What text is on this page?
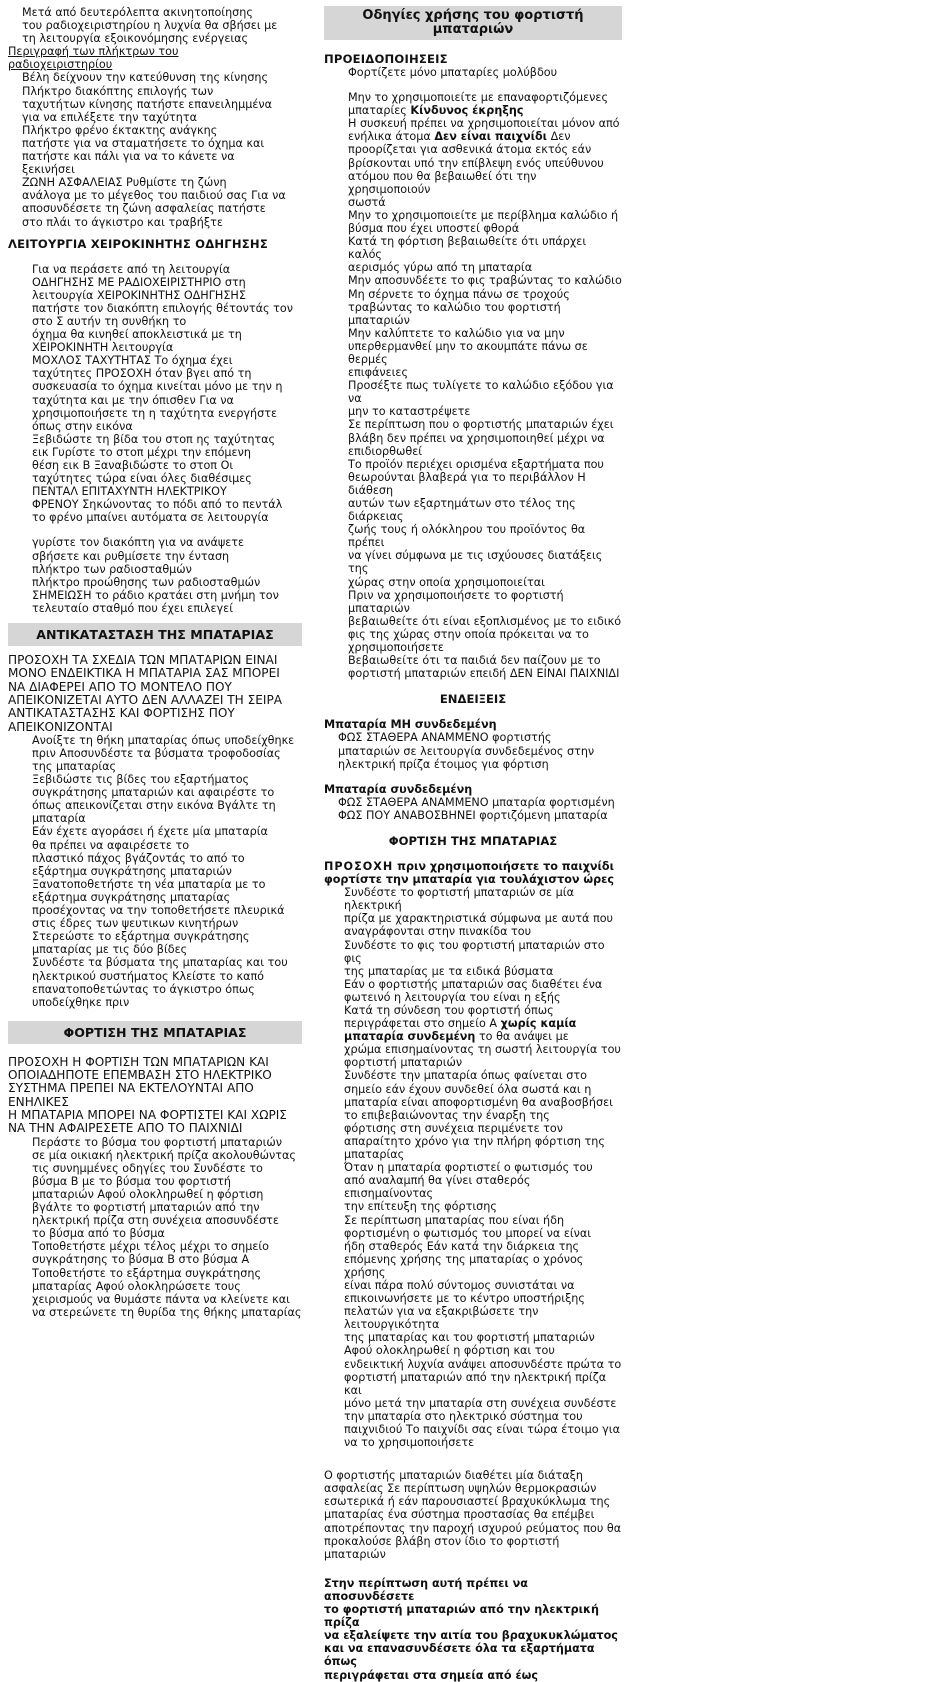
Μετά από δευτερόλεπτα ακινητοποίησης
του ραδιοχειριστηρίου η λυχνία θα σβήσει με
τη λειτουργία εξοικονόμησης ενέργειας

Περιγραφή των πλήκτρων του
ραδιοχειριστηρίου

Βέλη δείχνουν την κατεύθυνση της κίνησης
Πλήκτρο διακόπτης επιλογής των
ταχυτήτων κίνησης πατήστε επανειλημμένα
για να επιλέξετε την ταχύτητα
Πλήκτρο φρένο έκτακτης ανάγκης
πατήστε για να σταματήσετε το όχημα και
πατήστε και πάλι για να το κάνετε να
ξεκινήσει
ΖΩΝΗ ΑΣΦΑΛΕΙΑΣ Ρυθμίστε τη ζώνη
ανάλογα με το μέγεθος του παιδιού σας Για να
αποσυνδέσετε τη ζώνη ασφαλείας πατήστε
στο πλάι το άγκιστρο και τραβήξτε

ΛΕΙΤΟΥΡΓΙΑ ΧΕΙΡΟΚΙΝΗΤΗΣ ΟΔΗΓΗΣΗΣ

Για να περάσετε από τη λειτουργία
ΟΔΗΓΗΣΗΣ ΜΕ ΡΑΔΙΟΧΕΙΡΙΣΤΗΡΙΟ στη
λειτουργία ΧΕΙΡΟΚΙΝΗΤΗΣ ΟΔΗΓΗΣΗΣ
πατήστε τον διακόπτη επιλογής θέτοντάς τον
στο Σ αυτήν τη συνθήκη το
όχημα θα κινηθεί αποκλειστικά με τη
ΧΕΙΡΟΚΙΝΗΤΗ λειτουργία
ΜΟΧΛΟΣ ΤΑΧΥΤΗΤΑΣ Το όχημα έχει
ταχύτητες ΠΡΟΣΟΧΗ όταν βγει από τη
συσκευασία το όχημα κινείται μόνο με την η
ταχύτητα και με την όπισθεν Για να
χρησιμοποιήσετε τη η ταχύτητα ενεργήστε
όπως στην εικόνα
Ξεβιδώστε τη βίδα του στοπ ης ταχύτητας
εικ Γυρίστε το στοπ μέχρι την επόμενη
θέση εικ Β Ξαναβιδώστε το στοπ Οι
ταχύτητες τώρα είναι όλες διαθέσιμες
ΠΕΝΤΑΛ ΕΠΙΤΑΧΥΝΤΗ ΗΛΕΚΤΡΙΚΟΥ
ΦΡΕΝΟΥ Σηκώνοντας το πόδι από το πεντάλ
το φρένο μπαίνει αυτόματα σε λειτουργία

γυρίστε τον διακόπτη για να ανάψετε
σβήσετε και ρυθμίσετε την ένταση
πλήκτρο των ραδιοσταθμών
πλήκτρο προώθησης των ραδιοσταθμών
ΣΗΜΕΙΩΣΗ το ράδιο κρατάει στη μνήμη τον
τελευταίο σταθμό που έχει επιλεγεί

ΑΝΤΙΚΑΤΑΣΤΑΣΗ ΤΗΣ ΜΠΑΤΑΡΙΑΣ

ΠΡΟΣΟΧΗ ΤΑ ΣΧΕΔΙΑ ΤΩΝ ΜΠΑΤΑΡΙΩΝ ΕΙΝΑΙ
ΜΟΝΟ ΕΝΔΕΙΚΤΙΚΑ Η ΜΠΑΤΑΡΙΑ ΣΑΣ ΜΠΟΡΕΙ
ΝΑ ΔΙΑΦΕΡΕΙ ΑΠΟ ΤΟ ΜΟΝΤΕΛΟ ΠΟΥ
ΑΠΕΙΚΟΝΙΖΕΤΑΙ ΑΥΤΟ ΔΕΝ ΑΛΛΑΖΕΙ ΤΗ ΣΕΙΡΑ
ΑΝΤΙΚΑΤΑΣΤΑΣΗΣ ΚΑΙ ΦΟΡΤΙΣΗΣ ΠΟΥ
ΑΠΕΙΚΟΝΙΖΟΝΤΑΙ

Ανοίξτε τη θήκη μπαταρίας όπως υποδείχθηκε
πριν Αποσυνδέστε τα βύσματα τροφοδοσίας
της μπαταρίας
Ξεβιδώστε τις βίδες του εξαρτήματος
συγκράτησης μπαταριών και αφαιρέστε το
όπως απεικονίζεται στην εικόνα Βγάλτε τη
μπαταρία
Εάν έχετε αγοράσει ή έχετε μία μπαταρία
θα πρέπει να αφαιρέσετε το
πλαστικό πάχος βγάζοντάς το από το
εξάρτημα συγκράτησης μπαταριών
Ξανατοποθετήστε τη νέα μπαταρία με το
εξάρτημα συγκράτησης μπαταρίας
προσέχοντας να την τοποθετήσετε πλευρικά
στις έδρες των ψευτικων κινητήρων
Στερεώστε το εξάρτημα συγκράτησης
μπαταρίας με τις δύο βίδες
Συνδέστε τα βύσματα της μπαταρίας και του
ηλεκτρικού συστήματος Κλείστε το καπό
επανατοποθετώντας το άγκιστρο όπως
υποδείχθηκε πριν

ΦΟΡΤΙΣΗ ΤΗΣ ΜΠΑΤΑΡΙΑΣ

ΠΡΟΣΟΧΗ Η ΦΟΡΤΙΣΗ ΤΩΝ ΜΠΑΤΑΡΙΩΝ ΚΑΙ
ΟΠΟΙΑΔΗΠΟΤΕ ΕΠΕΜΒΑΣΗ ΣΤΟ ΗΛΕΚΤΡΙΚΟ
ΣΥΣΤΗΜΑ ΠΡΕΠΕΙ ΝΑ ΕΚΤΕΛΟΥΝΤΑΙ ΑΠΟ
ΕΝΗΛΙΚΕΣ
Η ΜΠΑΤΑΡΙΑ ΜΠΟΡΕΙ ΝΑ ΦΟΡΤΙΣΤΕΙ ΚΑΙ ΧΩΡΙΣ
ΝΑ ΤΗΝ ΑΦΑΙΡΕΣΕΤΕ ΑΠΟ ΤΟ ΠΑΙΧΝΙΔΙ

Περάστε το βύσμα του φορτιστή μπαταριών
σε μία οικιακή ηλεκτρική πρίζα ακολουθώντας
τις συνημμένες οδηγίες του Συνδέστε το
βύσμα Β με το βύσμα του φορτιστή
μπαταριών Αφού ολοκληρωθεί η φόρτιση
βγάλτε το φορτιστή μπαταριών από την
ηλεκτρική πρίζα στη συνέχεια αποσυνδέστε
το βύσμα από το βύσμα
Τοποθετήστε μέχρι τέλος μέχρι το σημείο
συγκράτησης το βύσμα Β στο βύσμα Α
Τοποθετήστε το εξάρτημα συγκράτησης
μπαταρίας Αφού ολοκληρώσετε τους
χειρισμούς να θυμάστε πάντα να κλείνετε και
να στερεώνετε τη θυρίδα της θήκης μπαταρίας

Οδηγίες χρήσης του φορτιστή μπαταριών

ΠΡΟΕΙΔΟΠΟΙΗΣΕΙΣ

Φορτίζετε μόνο μπαταρίες μολύβδου

Μην το χρησιμοποιείτε με επαναφορτιζόμενες
μπαταρίες Κίνδυνος έκρηξης

Η συσκευή πρέπει να χρησιμοποιείται μόνον από
ενήλικα άτομα Δεν είναι παιχνίδι Δεν
προορίζεται για ασθενικά άτομα εκτός εάν
βρίσκονται υπό την επίβλεψη ενός υπεύθυνου
ατόμου που θα βεβαιωθεί ότι την χρησιμοποιούν
σωστά

Μην το χρησιμοποιείτε με περίβλημα καλώδιο ή
βύσμα που έχει υποστεί φθορά
Κατά τη φόρτιση βεβαιωθείτε ότι υπάρχει καλός
αερισμός γύρω από τη μπαταρία
Μην αποσυνδέετε το φις τραβώντας το καλώδιο
Μη σέρνετε το όχημα πάνω σε τροχούς
τραβώντας το καλώδιο του φορτιστή μπαταριών
Μην καλύπτετε το καλώδιο για να μην
υπερθερμανθεί μην το ακουμπάτε πάνω σε θερμές
επιφάνειες
Προσέξτε πως τυλίγετε το καλώδιο εξόδου για να
μην το καταστρέψετε
Σε περίπτωση που ο φορτιστής μπαταριών έχει
βλάβη δεν πρέπει να χρησιμοποιηθεί μέχρι να
επιδιορθωθεί
Το προϊόν περιέχει ορισμένα εξαρτήματα που
θεωρούνται βλαβερά για το περιβάλλον Η διάθεση
αυτών των εξαρτημάτων στο τέλος της διάρκειας
ζωής τους ή ολόκληρου του προϊόντος θα πρέπει
να γίνει σύμφωνα με τις ισχύουσες διατάξεις της
χώρας στην οποία χρησιμοποιείται
Πριν να χρησιμοποιήσετε το φορτιστή μπαταριών
βεβαιωθείτε ότι είναι εξοπλισμένος με το ειδικό
φις της χώρας στην οποία πρόκειται να το
χρησιμοποιήσετε
Βεβαιωθείτε ότι τα παιδιά δεν παίζουν με το
φορτιστή μπαταριών επειδή ΔΕΝ ΕΙΝΑΙ ΠΑΙΧΝΙΔΙ

ΕΝΔΕΙΞΕΙΣ

Μπαταρία ΜΗ συνδεδεμένη

ΦΩΣ ΣΤΑΘΕΡΑ ΑΝΑΜΜΕΝΟ φορτιστής
μπαταριών σε λειτουργία συνδεδεμένος στην
ηλεκτρική πρίζα έτοιμος για φόρτιση

Μπαταρία συνδεδεμένη

ΦΩΣ ΣΤΑΘΕΡΑ ΑΝΑΜΜΕΝΟ μπαταρία φορτισμένη
ΦΩΣ ΠΟΥ ΑΝΑΒΟΣΒΗΝΕΙ φορτιζόμενη μπαταρία

ΦΟΡΤΙΣΗ ΤΗΣ ΜΠΑΤΑΡΙΑΣ

ΠΡΟΣΟΧΗ πριν χρησιμοποιήσετε το παιχνίδι
φορτίστε την μπαταρία για τουλάχιστον ώρες

Συνδέστε το φορτιστή μπαταριών σε μία ηλεκτρική
πρίζα με χαρακτηριστικά σύμφωνα με αυτά που
αναγράφονται στην πινακίδα του
Συνδέστε το φις του φορτιστή μπαταριών στο φις
της μπαταρίας με τα ειδικά βύσματα
Εάν ο φορτιστής μπαταριών σας διαθέτει ένα
φωτεινό η λειτουργία του είναι η εξής
Κατά τη σύνδεση του φορτιστή όπως
περιγράφεται στο σημείο Α χωρίς καμία
μπαταρία συνδεμένη το θα ανάψει με
χρώμα επισημαίνοντας τη σωστή λειτουργία του
φορτιστή μπαταριών
Συνδέστε την μπαταρία όπως φαίνεται στο
σημείο εάν έχουν συνδεθεί όλα σωστά και η
μπαταρία είναι αποφορτισμένη θα αναβοσβήσει
το επιβεβαιώνοντας την έναρξη της
φόρτισης στη συνέχεια περιμένετε τον
απαραίτητο χρόνο για την πλήρη φόρτιση της
μπαταρίας
Όταν η μπαταρία φορτιστεί ο φωτισμός του
από αναλαμπή θα γίνει σταθερός επισημαίνοντας
την επίτευξη της φόρτισης
Σε περίπτωση μπαταρίας που είναι ήδη
φορτισμένη ο φωτισμός του μπορεί να είναι
ήδη σταθερός Εάν κατά την διάρκεια της
επόμενης χρήσης της μπαταρίας ο χρόνος χρήσης
είναι πάρα πολύ σύντομος συνιστάται να
επικοινωνήσετε με το κέντρο υποστήριξης
πελατών για να εξακριβώσετε την λειτουργικότητα
της μπαταρίας και του φορτιστή μπαταριών
Αφού ολοκληρωθεί η φόρτιση και του
ενδεικτική λυχνία ανάψει αποσυνδέστε πρώτα το
φορτιστή μπαταριών από την ηλεκτρική πρίζα και
μόνο μετά την μπαταρία στη συνέχεια συνδέστε
την μπαταρία στο ηλεκτρικό σύστημα του
παιχνιδιού Το παιχνίδι σας είναι τώρα έτοιμο για
να το χρησιμοποιήσετε

Ο φορτιστής μπαταριών διαθέτει μία διάταξη
ασφαλείας Σε περίπτωση υψηλών θερμοκρασιών
εσωτερικά ή εάν παρουσιαστεί βραχυκύκλωμα της
μπαταρίας ένα σύστημα προστασίας θα επέμβει
αποτρέποντας την παροχή ισχυρού ρεύματος που θα
προκαλούσε βλάβη στον ίδιο το φορτιστή μπαταριών

Στην περίπτωση αυτή πρέπει να αποσυνδέσετε
το φορτιστή μπαταριών από την ηλεκτρική πρίζα
να εξαλείψετε την αιτία του βραχυκυκλώματος
και να επανασυνδέσετε όλα τα εξαρτήματα όπως
περιγράφεται στα σημεία από έως
